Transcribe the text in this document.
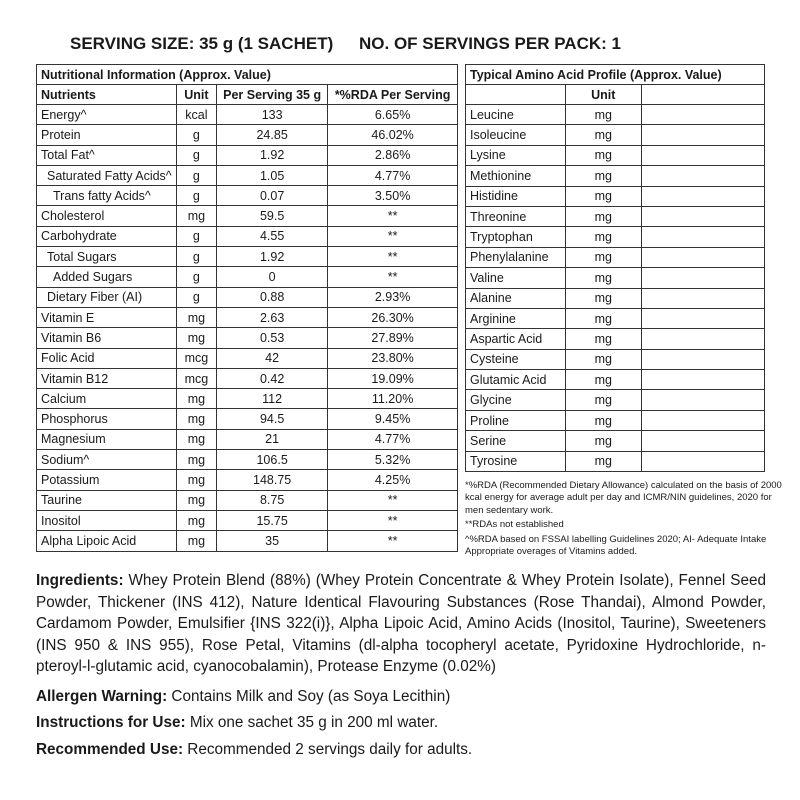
SERVING SIZE: 35 g (1 SACHET) NO. OF SERVINGS PER PACK: 1
Nutritional Information (Approx. Value)			
Nutrients	Unit	Per Serving 35 g	*%RDA Per Serving
Energy^	kcal	133	6.65%
Protein	g	24.85	46.02%
Total Fat^	g	1.92	2.86%
Saturated Fatty Acids^	g	1.05	4.77%
Trans fatty Acids^	g	0.07	3.50%
Cholesterol	mg	59.5	**
Carbohydrate	g	4.55	**
Total Sugars	g	1.92	**
Added Sugars	g	0	**
Dietary Fiber (AI)	g	0.88	2.93%
Vitamin E	mg	2.63	26.30%
Vitamin B6	mg	0.53	27.89%
Folic Acid	mcg	42	23.80%
Vitamin B12	mcg	0.42	19.09%
Calcium	mg	112	11.20%
Phosphorus	mg	94.5	9.45%
Magnesium	mg	21	4.77%
Sodium^	mg	106.5	5.32%
Potassium	mg	148.75	4.25%
Taurine	mg	8.75	**
Inositol	mg	15.75	**
Alpha Lipoic Acid	mg	35	**
Typical Amino Acid Profile (Approx. Value)		
	Unit	
Leucine	mg	
Isoleucine	mg	
Lysine	mg	
Methionine	mg	
Histidine	mg	
Threonine	mg	
Tryptophan	mg	
Phenylalanine	mg	
Valine	mg	
Alanine	mg	
Arginine	mg	
Aspartic Acid	mg	
Cysteine	mg	
Glutamic Acid	mg	
Glycine	mg	
Proline	mg	
Serine	mg	
Tyrosine	mg	
*%RDA (Recommended Dietary Allowance) calculated on the basis of 2000 kcal energy for average adult per day and ICMR/NIN guidelines, 2020 for men sedentary work.
**RDAs not established
^%RDA based on FSSAI labelling Guidelines 2020; AI- Adequate Intake
Appropriate overages of Vitamins added.
Ingredients: Whey Protein Blend (88%) (Whey Protein Concentrate & Whey Protein Isolate), Fennel Seed Powder, Thickener (INS 412), Nature Identical Flavouring Substances (Rose Thandai), Almond Powder, Cardamom Powder, Emulsifier {INS 322(i)}, Alpha Lipoic Acid, Amino Acids (Inositol, Taurine), Sweeteners (INS 950 & INS 955), Rose Petal, Vitamins (dl-alpha tocopheryl acetate, Pyridoxine Hydrochloride, n-pteroyl-l-glutamic acid, cyanocobalamin), Protease Enzyme (0.02%)
Allergen Warning: Contains Milk and Soy (as Soya Lecithin)
Instructions for Use: Mix one sachet 35 g in 200 ml water.
Recommended Use: Recommended 2 servings daily for adults.
